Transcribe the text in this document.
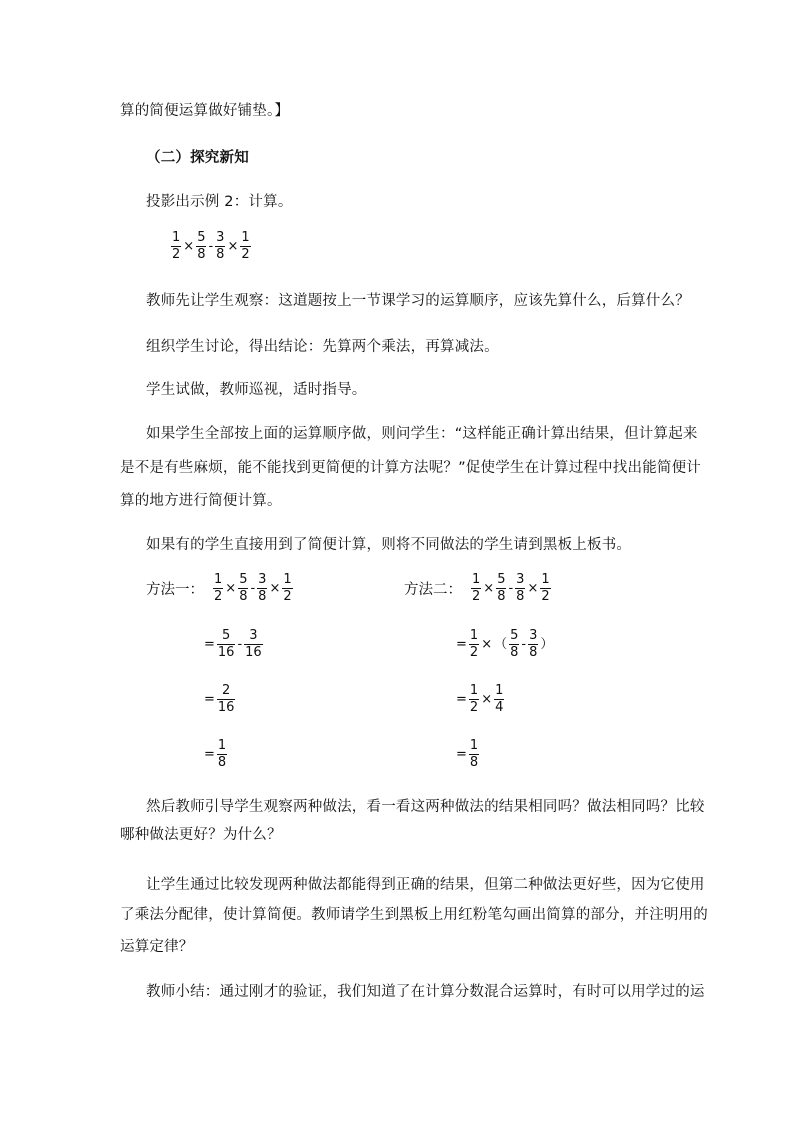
算的简便运算做好铺垫。】
（二）探究新知
投影出示例 2：计算。
$\frac{1}{2} \times \frac{5}{8} - \frac{3}{8} \times \frac{1}{2}$
教师先让学生观察：这道题按上一节课学习的运算顺序，应该先算什么，后算什么？
组织学生讨论，得出结论：先算两个乘法，再算减法。
学生试做，教师巡视，适时指导。
如果学生全部按上面的运算顺序做，则问学生：“这样能正确计算出结果，但计算起来
是不是有些麻烦，能不能找到更简便的计算方法呢？”促使学生在计算过程中找出能简便计
算的地方进行简便计算。
如果有的学生直接用到了简便计算，则将不同做法的学生请到黑板上板书。
方法一： $\frac{1}{2} \times \frac{5}{8} - \frac{3}{8} \times \frac{1}{2}$
= $\frac{5}{16} - \frac{3}{16}$
= $\frac{2}{16}$
= $\frac{1}{8}$
方法二： $\frac{1}{2} \times \frac{5}{8} - \frac{3}{8} \times \frac{1}{2}$
= $\frac{1}{2}$ × （ $\frac{5}{8} - \frac{3}{8}$ ）
= $\frac{1}{2} \times \frac{1}{4}$
= $\frac{1}{8}$
然后教师引导学生观察两种做法，看一看这两种做法的结果相同吗？做法相同吗？比较
哪种做法更好？为什么？
让学生通过比较发现两种做法都能得到正确的结果，但第二种做法更好些，因为它使用
了乘法分配律，使计算简便。教师请学生到黑板上用红粉笔勾画出简算的部分，并注明用的
运算定律？
教师小结：通过刚才的验证，我们知道了在计算分数混合运算时，有时可以用学过的运
